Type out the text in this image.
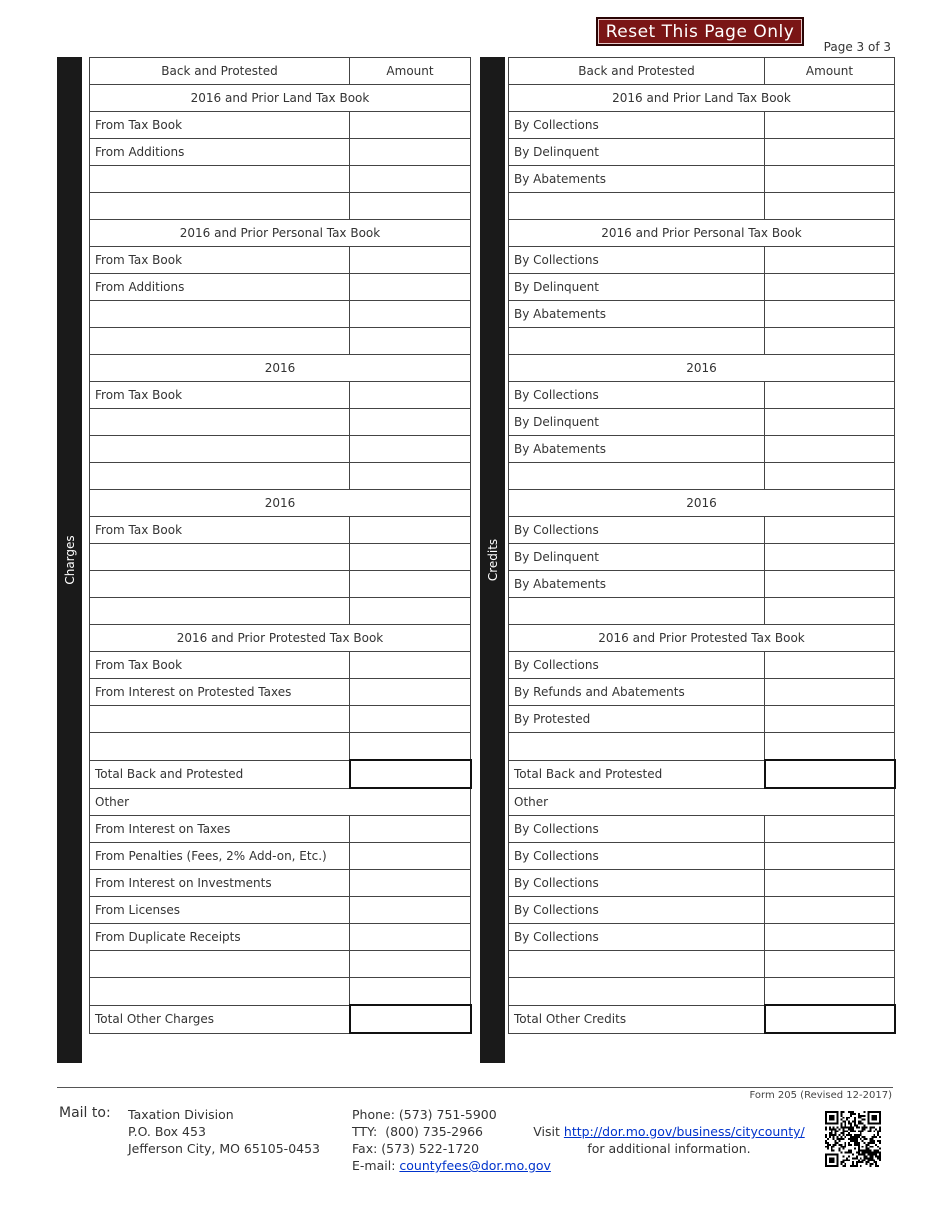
Reset This Page Only
Page 3 of 3
Charges
Back and Protested	Amount
2016 and Prior Land Tax Book	
From Tax Book	
From Additions	

2016 and Prior Personal Tax Book	
From Tax Book	
From Additions	

2016	
From Tax Book	

2016	
From Tax Book	

2016 and Prior Protested Tax Book	
From Tax Book	
From Interest on Protested Taxes	

Total Back and Protested	
Other	
From Interest on Taxes	
From Penalties (Fees, 2% Add-on, Etc.)	
From Interest on Investments	
From Licenses	
From Duplicate Receipts	

Total Other Charges	
Credits
Back and Protested	Amount
2016 and Prior Land Tax Book	
By Collections	
By Delinquent	
By Abatements	

2016 and Prior Personal Tax Book	
By Collections	
By Delinquent	
By Abatements	

2016	
By Collections	
By Delinquent	
By Abatements	

2016	
By Collections	
By Delinquent	
By Abatements	

2016 and Prior Protested Tax Book	
By Collections	
By Refunds and Abatements	
By Protested	

Total Back and Protested	
Other	
By Collections	
By Collections	
By Collections	
By Collections	
By Collections	

Total Other Credits	
Form 205 (Revised 12-2017)
Mail to: Taxation Division
P.O. Box 453
Jefferson City, MO 65105-0453
Phone: (573) 751-5900
TTY: (800) 735-2966
Fax: (573) 522-1720
E-mail: countyfees@dor.mo.gov
Visit http://dor.mo.gov/business/citycounty/
for additional information.
